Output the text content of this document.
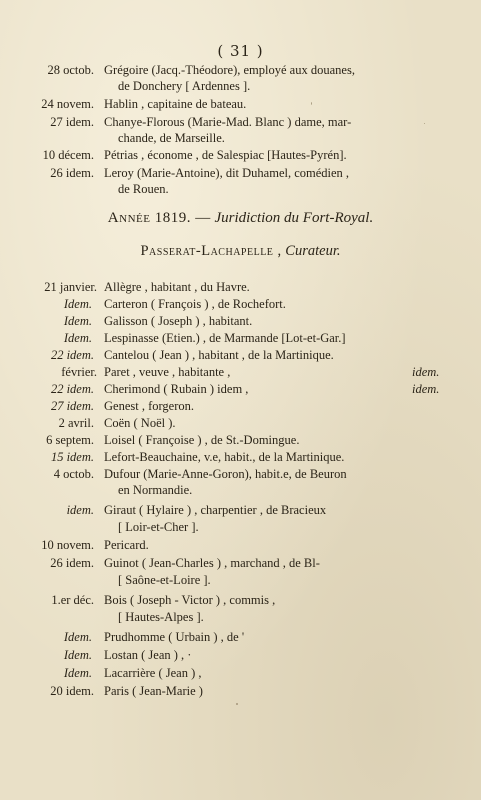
( 31 )
28 octob. Grégoire (Jacq.-Théodore), employé aux douanes,
de Donchery [ Ardennes ].
24 novem. Hablin , capitaine de bateau.
27 idem. Chanye-Florous (Marie-Mad. Blanc ) dame, mar-
chande, de Marseille.
10 décem. Pétrias , économe , de Salespiac [Hautes-Pyrén].
26 idem. Leroy (Marie-Antoine), dit Duhamel, comédien ,
de Rouen.
Année 1819. — Juridiction du Fort-Royal.
Passerat-Lachapelle , Curateur.
21 janvier. Allègre , habitant , du Havre.
Idem. Carteron ( François ) , de Rochefort.
Idem. Galisson ( Joseph ) , habitant.
Idem. Lespinasse (Etien.) , de Marmande [Lot-et-Gar.]
22 idem. Cantelou ( Jean ) , habitant , de la Martinique.
février. Paret , veuve , habitante ,	idem.
22 idem. Cherimond ( Rubain ) idem ,	idem.
27 idem. Genest , forgeron.
2 avril. Coën ( Noël ).
6 septem. Loisel ( Françoise ) , de St.-Domingue.
15 idem. Lefort-Beauchaine, v.e, habit., de la Martinique.
4 octob. Dufour (Marie-Anne-Goron), habit.e, de Beuron
en Normandie.
idem. Giraut ( Hylaire ) , charpentier , de Bracieux
[ Loir-et-Cher ].
10 novem. Pericard.
26 idem. Guinot ( Jean-Charles ) , marchand , de Bl-
[ Saône-et-Loire ].
1.er déc. Bois ( Joseph - Victor ) , commis ,
[ Hautes-Alpes ].
Idem. Prudhomme ( Urbain ) , de '
Idem. Lostan ( Jean ) , ·
Idem. Lacarrière ( Jean ) ,
20 idem. Paris ( Jean-Marie )
